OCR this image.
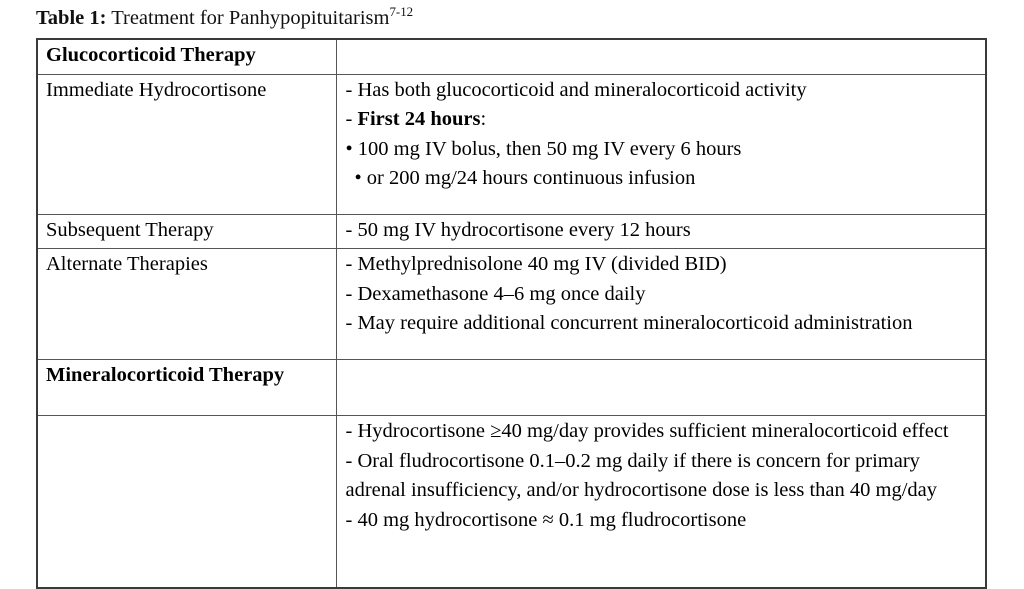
Table 1: Treatment for Panhypopituitarism$^{7-12}$
Glucocorticoid Therapy	
Immediate Hydrocortisone	- Has both glucocorticoid and mineralocorticoid activity
- First 24 hours:
• 100 mg IV bolus, then 50 mg IV every 6 hours
• or 200 mg/24 hours continuous infusion

Subsequent Therapy	- 50 mg IV hydrocortisone every 12 hours

Alternate Therapies	- Methylprednisolone 40 mg IV (divided BID)
- Dexamethasone 4–6 mg once daily
- May require additional concurrent mineralocorticoid administration

Mineralocorticoid Therapy	

	- Hydrocortisone ≥40 mg/day provides sufficient mineralocorticoid effect
- Oral fludrocortisone 0.1–0.2 mg daily if there is concern for primary adrenal insufficiency, and/or hydrocortisone dose is less than 40 mg/day
- 40 mg hydrocortisone ≈ 0.1 mg fludrocortisone
